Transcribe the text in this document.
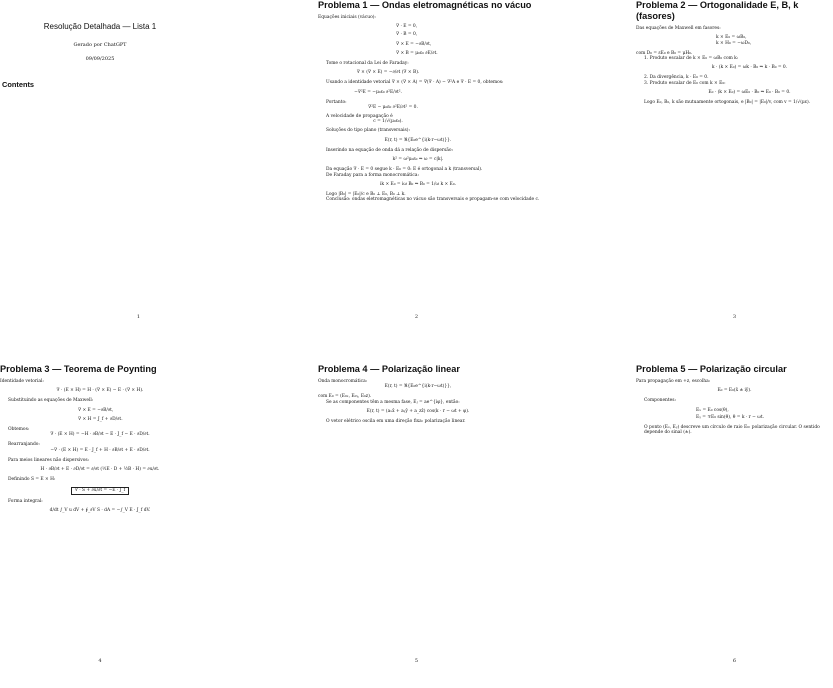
Resolução Detalhada — Lista 1
Gerado por ChatGPT
09/09/2025
Contents
1
Problema 1 — Ondas eletromagnéticas no vácuo

Equações iniciais (vácuo):

∇ · E = 0,

∇ · B = 0,

∇ × E = −∂B/∂t,

∇ × B = μ₀ε₀ ∂E/∂t.

Tome o rotacional da Lei de Faraday:

∇ × (∇ × E) = −∂/∂t (∇ × B).

Usando a identidade vetorial ∇ × (∇ × A) = ∇(∇ · A) − ∇²A e ∇ · E = 0, obtemos:

−∇²E = −μ₀ε₀ ∂²E/∂t².

Portanto:

∇²E − μ₀ε₀ ∂²E/∂t² = 0.

A velocidade de propagação é

c = 1/√(μ₀ε₀).

Soluções do tipo plano (transversais):

E(r, t) = ℜ{E₀e^{i(k·r−ωt)}}.

Inserindo na equação de onda dá a relação de dispersão:

k² = ω²μ₀ε₀ ⇒ ω = c|k|.

Da equação ∇ · E = 0 segue k · E₀ = 0: E é ortogonal a k (transversal).

De Faraday para a forma monocromática:

ik × E₀ = iω B₀ ⇒ B₀ = 1/ω k × E₀.

Logo |B₀| = |E₀|/c e B₀ ⊥ E₀, B₀ ⊥ k.

Conclusão: ondas eletromagnéticas no vácuo são transversais e propagam-se com velocidade c.

2
Problema 2 — Ortogonalidade E, B, k (fasores)

Das equações de Maxwell em fasores:

k × E₀ = ωB₀,

k × H₀ = −ωD₀,

com D₀ = εE₀ e B₀ = μH₀.

1. Produto escalar de k × E₀ = ωB₀ com k:

k · (k × E₀) = ωk · B₀ ⇒ k · B₀ = 0.

2. Da divergência, k · E₀ = 0.

3. Produto escalar de E₀ com k × E₀:

E₀ · (k × E₀) = ωE₀ · B₀ ⇒ E₀ · B₀ = 0.

Logo E₀, B₀, k são mutuamente ortogonais, e |B₀| = |E₀|/v, com v = 1/√(με).

3
Problema 3 — Teorema de Poynting

Identidade vetorial:

∇ · (E × H) = H · (∇ × E) − E · (∇ × H).

Substituindo as equações de Maxwell:

∇ × E = −∂B/∂t,

∇ × H = J_f + ∂D/∂t.

Obtemos:

∇ · (E × H) = −H · ∂B/∂t − E · J_f − E · ∂D/∂t.

Rearranjando:

−∇ · (E × H) = E · J_f + H · ∂B/∂t + E · ∂D/∂t.

Para meios lineares não dispersivos:

H · ∂B/∂t + E · ∂D/∂t = ∂/∂t (½E · D + ½B · H) = ∂u/∂t.

Definindo S = E × H:

∇ · S + ∂u/∂t = −E · J_f

Forma integral:

d/dt ∫_V u dV + ∮_∂V S · dA = −∫_V E · J_f dV.

4
Problema 4 — Polarização linear

Onda monocromática:

E(r, t) = ℜ{E₀e^{i(k·r−ωt)}},

com E₀ = (E₀ₓ, E₀ᵧ, E₀z).

Se as componentes têm a mesma fase, Eⱼ = ae^{iφ}, então:

E(r, t) = (aₓx̂ + aᵧŷ + a_zẑ) cos(k · r − ωt + φ).

O vetor elétrico oscila em uma direção fixa: polarização linear.

5
Problema 5 — Polarização circular

Para propagação em +z, escolha:

E₀ = E₀(x̂ ± iŷ).

Componentes:

Eₓ = E₀ cos(θ),

Eᵧ = ∓E₀ sin(θ), θ = k · r − ωt.

O ponto (Eₓ, Eᵧ) descreve um círculo de raio E₀: polarização circular. O sentido depende do sinal (±).

6
